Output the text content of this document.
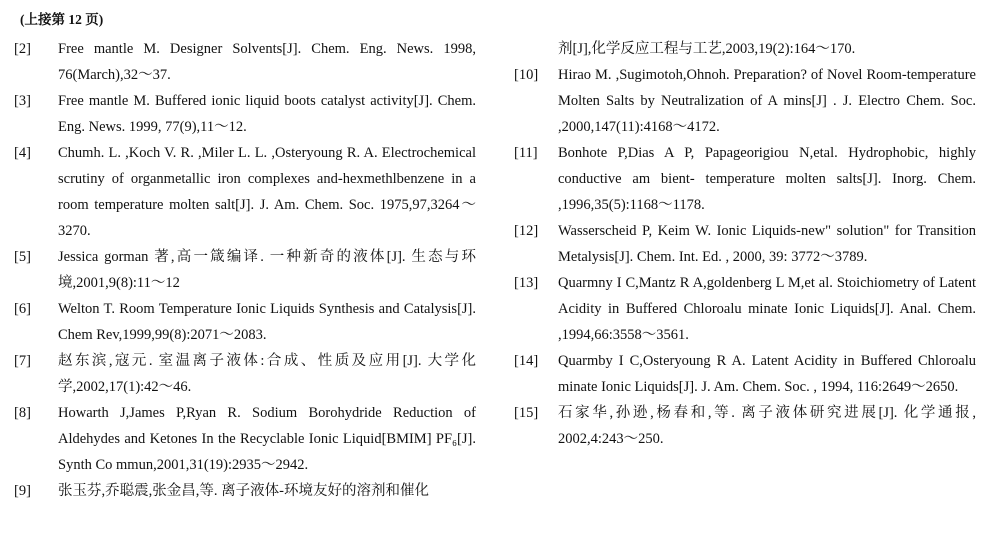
(上接第 12 页)
[2]	Free mantle M. Designer Solvents[J]. Chem. Eng. News. 1998, 76(March),32～37.
[3]	Free mantle M. Buffered ionic liquid boots catalyst activity[J]. Chem. Eng. News. 1999, 77(9),11～12.
[4]	Chumh. L. ,Koch V. R. ,Miler L. L. ,Osteryoung R. A. Electrochemical scrutiny of organmetallic iron complexes and-hexmethlbenzene in a room temperature molten salt[J]. J. Am. Chem. Soc. 1975,97,3264～3270.
[5]	Jessica gorman 著,高一箴编译. 一种新奇的液体[J]. 生态与环境,2001,9(8):11～12
[6]	Welton T. Room Temperature Ionic Liquids Synthesis and Catalysis[J]. Chem Rev,1999,99(8):2071～2083.
[7]	赵东滨,寇元. 室温离子液体:合成、性质及应用[J]. 大学化学,2002,17(1):42～46.
[8]	Howarth J,James P,Ryan R. Sodium Borohydride Reduction of Aldehydes and Ketones In the Recyclable Ionic Liquid[BMIM] PF₆[J]. Synth Co mmun,2001,31(19):2935～2942.
[9]	张玉芬,乔聪震,张金昌,等. 离子液体-环境友好的溶剂和催化
剂[J],化学反应工程与工艺,2003,19(2):164～170.
[10]	Hirao M. ,Sugimotoh,Ohnoh. Preparation? of Novel Room-temperature Molten Salts by Neutralization of A mins[J] . J. Electro Chem. Soc. ,2000,147(11):4168～4172.
[11]	Bonhote P,Dias A P, Papageorigiou N,etal. Hydrophobic, highly conductive am bient- temperature molten salts[J]. Inorg. Chem. ,1996,35(5):1168～1178.
[12]	Wasserscheid P, Keim W. Ionic Liquids-new" solution" for Transition Metalysis[J]. Chem. Int. Ed. , 2000, 39: 3772～3789.
[13]	Quarmny I C,Mantz R A,goldenberg L M,et al. Stoichiometry of Latent Acidity in Buffered Chloroalu minate Ionic Liquids[J]. Anal. Chem. ,1994,66:3558～3561.
[14]	Quarmby I C,Osteryoung R A. Latent Acidity in Buffered Chloroalu minate Ionic Liquids[J]. J. Am. Chem. Soc. , 1994, 116:2649～2650.
[15]	石家华,孙逊,杨春和,等. 离子液体研究进展[J]. 化学通报, 2002,4:243～250.
